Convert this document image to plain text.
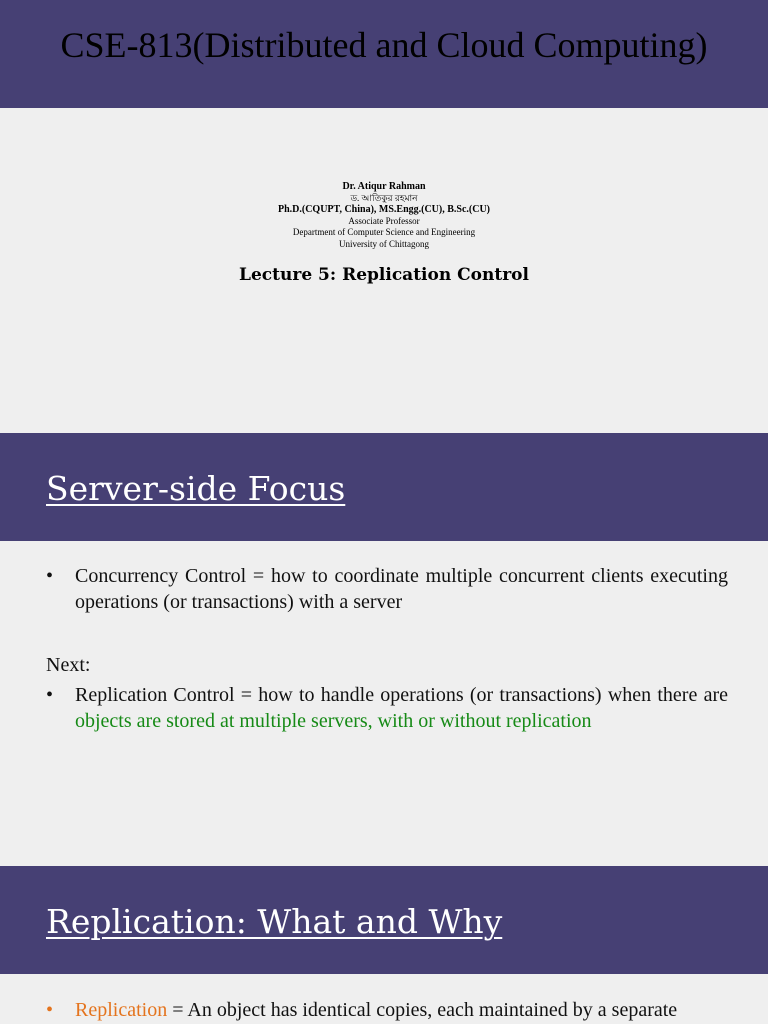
CSE-813(Distributed and Cloud Computing)
Dr. Atiqur Rahman
ড. আতিকুর রহমান
Ph.D.(CQUPT, China), MS.Engg.(CU), B.Sc.(CU)
Associate Professor
Department of Computer Science and Engineering
University of Chittagong
Lecture 5: Replication Control
Server-side Focus
•	Concurrency Control = how to coordinate multiple concurrent clients executing operations (or transactions) with a server
Next:
•	Replication Control = how to handle operations (or transactions) when there are objects are stored at multiple servers, with or without replication
Replication: What and Why
•	Replication = An object has identical copies, each maintained by a separate
